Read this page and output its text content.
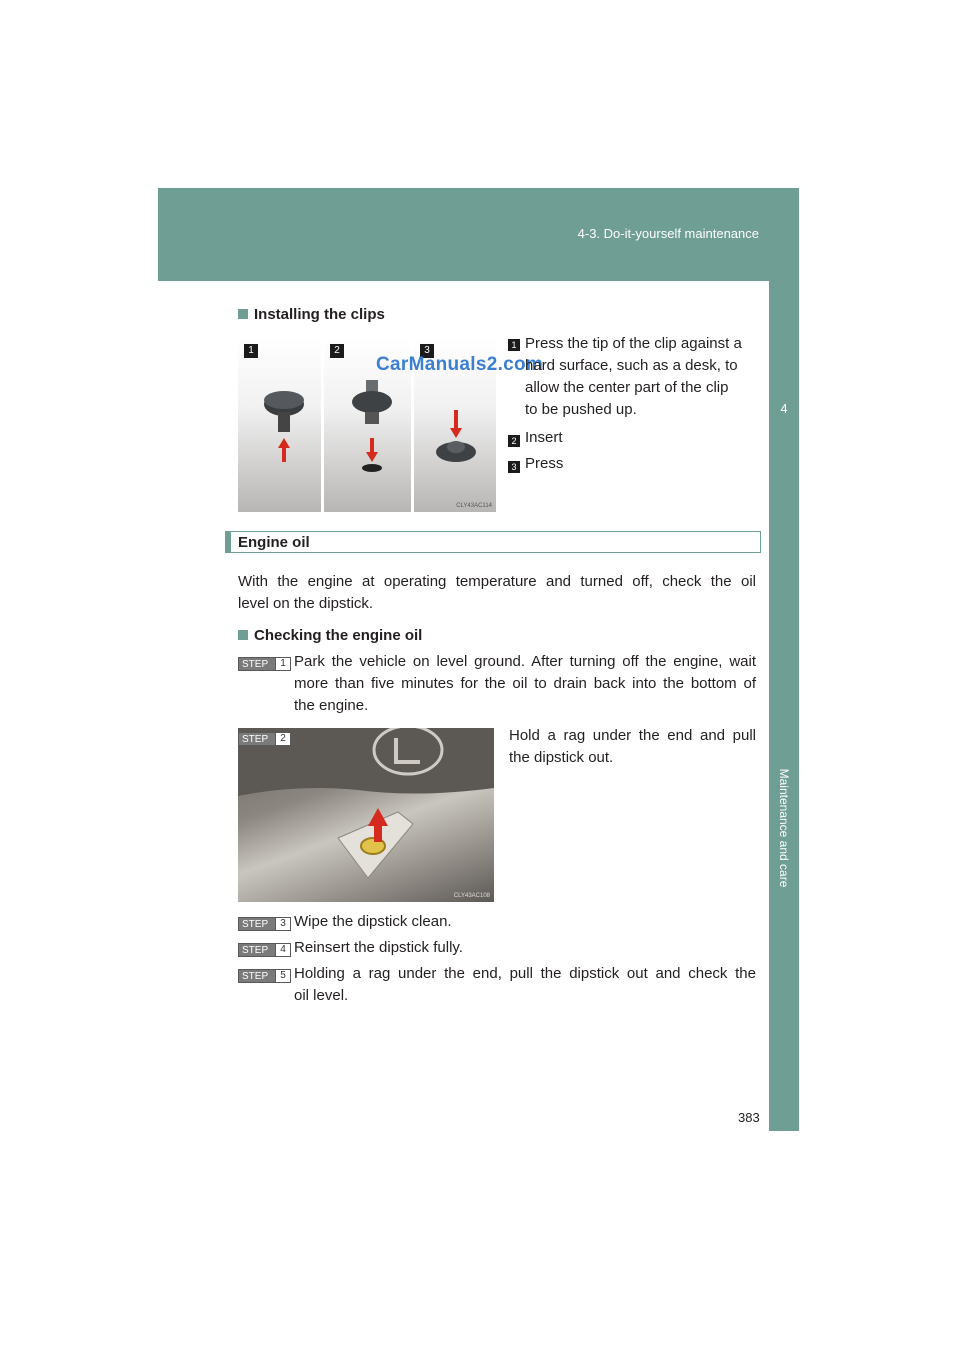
4-3. Do-it-yourself maintenance
4
Maintenance and care
Installing the clips
1	2	3
CLY43AC114
CarManuals2.com
1 Press the tip of the clip against a
hard surface, such as a desk, to
allow the center part of the clip
to be pushed up.
2 Insert
3 Press
Engine oil
With the engine at operating temperature and turned off, check the oil
level on the dipstick.
Checking the engine oil
STEP	1 Park the vehicle on level ground. After turning off the engine, wait
more than five minutes for the oil to drain back into the bottom of
the engine.
STEP	2
CLY43AC108
Hold a rag under the end and pull
the dipstick out.
STEP	3 Wipe the dipstick clean.
STEP	4 Reinsert the dipstick fully.
STEP	5 Holding a rag under the end, pull the dipstick out and check the
oil level.
383
